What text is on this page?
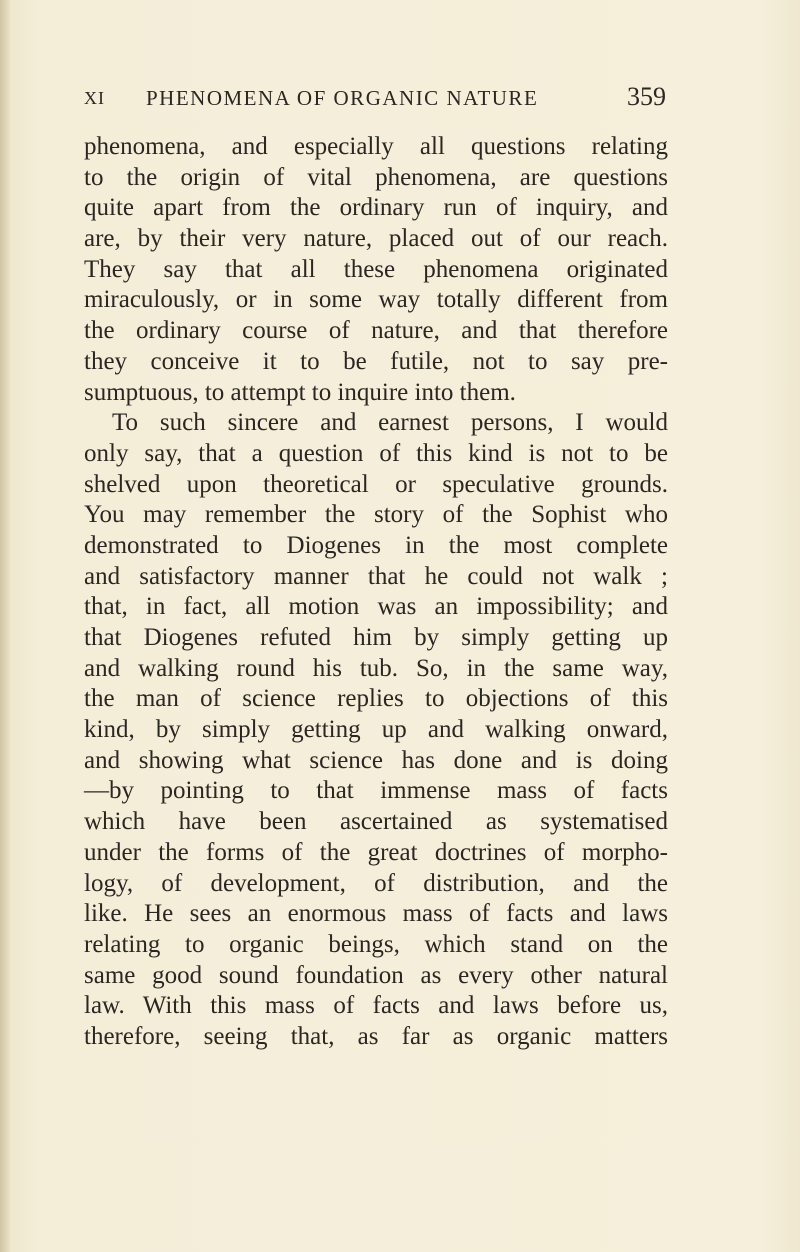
XI PHENOMENA OF ORGANIC NATURE	359
phenomena, and especially all questions relating
to the origin of vital phenomena, are questions
quite apart from the ordinary run of inquiry, and
are, by their very nature, placed out of our reach.
They say that all these phenomena originated
miraculously, or in some way totally different from
the ordinary course of nature, and that therefore
they conceive it to be futile, not to say pre-
sumptuous, to attempt to inquire into them.
To such sincere and earnest persons, I would
only say, that a question of this kind is not to be
shelved upon theoretical or speculative grounds.
You may remember the story of the Sophist who
demonstrated to Diogenes in the most complete
and satisfactory manner that he could not walk ;
that, in fact, all motion was an impossibility; and
that Diogenes refuted him by simply getting up
and walking round his tub. So, in the same way,
the man of science replies to objections of this
kind, by simply getting up and walking onward,
and showing what science has done and is doing
—by pointing to that immense mass of facts
which have been ascertained as systematised
under the forms of the great doctrines of morpho-
logy, of development, of distribution, and the
like. He sees an enormous mass of facts and laws
relating to organic beings, which stand on the
same good sound foundation as every other natural
law. With this mass of facts and laws before us,
therefore, seeing that, as far as organic matters
